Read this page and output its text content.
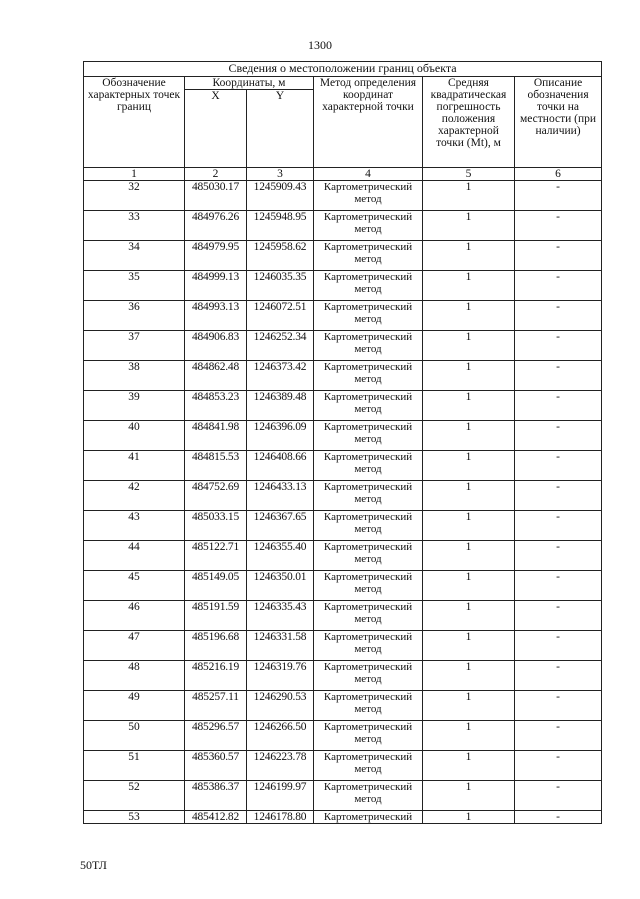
1300
Сведения о местоположении границ объекта					
Обозначение характерных точек границ	Координаты, м		Метод определения координат характерной точки	Средняя квадратическая погрешность положения характерной точки (Mt), м	Описание обозначения точки на местности (при наличии)
	X	Y			
1	2	3	4	5	6
32	485030.17	1245909.43	Картометрический метод	1	-
33	484976.26	1245948.95	Картометрический метод	1	-
34	484979.95	1245958.62	Картометрический метод	1	-
35	484999.13	1246035.35	Картометрический метод	1	-
36	484993.13	1246072.51	Картометрический метод	1	-
37	484906.83	1246252.34	Картометрический метод	1	-
38	484862.48	1246373.42	Картометрический метод	1	-
39	484853.23	1246389.48	Картометрический метод	1	-
40	484841.98	1246396.09	Картометрический метод	1	-
41	484815.53	1246408.66	Картометрический метод	1	-
42	484752.69	1246433.13	Картометрический метод	1	-
43	485033.15	1246367.65	Картометрический метод	1	-
44	485122.71	1246355.40	Картометрический метод	1	-
45	485149.05	1246350.01	Картометрический метод	1	-
46	485191.59	1246335.43	Картометрический метод	1	-
47	485196.68	1246331.58	Картометрический метод	1	-
48	485216.19	1246319.76	Картометрический метод	1	-
49	485257.11	1246290.53	Картометрический метод	1	-
50	485296.57	1246266.50	Картометрический метод	1	-
51	485360.57	1246223.78	Картометрический метод	1	-
52	485386.37	1246199.97	Картометрический метод	1	-
53	485412.82	1246178.80	Картометрический	1	-
50ТЛ
